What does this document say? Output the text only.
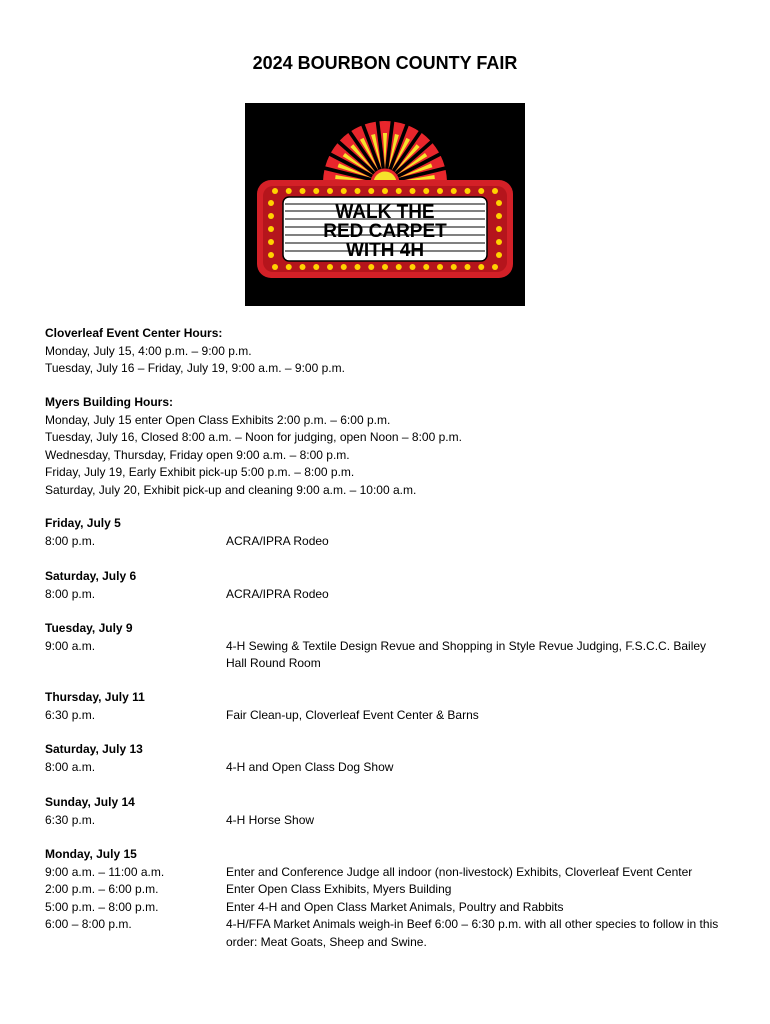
2024 BOURBON COUNTY FAIR
WALK THE
RED CARPET
WITH 4H
Cloverleaf Event Center Hours:
Monday, July 15, 4:00 p.m. – 9:00 p.m.
Tuesday, July 16 – Friday, July 19, 9:00 a.m. – 9:00 p.m.
Myers Building Hours:
Monday, July 15 enter Open Class Exhibits 2:00 p.m. – 6:00 p.m.
Tuesday, July 16, Closed 8:00 a.m. – Noon for judging, open Noon – 8:00 p.m.
Wednesday, Thursday, Friday open 9:00 a.m. – 8:00 p.m.
Friday, July 19, Early Exhibit pick-up 5:00 p.m. – 8:00 p.m.
Saturday, July 20, Exhibit pick-up and cleaning 9:00 a.m. – 10:00 a.m.
Friday, July 5
8:00 p.m.	ACRA/IPRA Rodeo
Saturday, July 6
8:00 p.m.	ACRA/IPRA Rodeo
Tuesday, July 9
9:00 a.m.	4-H Sewing & Textile Design Revue and Shopping in Style Revue Judging, F.S.C.C. Bailey Hall Round Room
Thursday, July 11
6:30 p.m.	Fair Clean-up, Cloverleaf Event Center & Barns
Saturday, July 13
8:00 a.m.	4-H and Open Class Dog Show
Sunday, July 14
6:30 p.m.	4-H Horse Show
Monday, July 15
9:00 a.m. – 11:00 a.m.	Enter and Conference Judge all indoor (non-livestock) Exhibits, Cloverleaf Event Center
2:00 p.m. – 6:00 p.m.	Enter Open Class Exhibits, Myers Building
5:00 p.m. – 8:00 p.m.	Enter 4-H and Open Class Market Animals, Poultry and Rabbits
6:00 – 8:00 p.m.	4-H/FFA Market Animals weigh-in Beef 6:00 – 6:30 p.m. with all other species to follow in this order: Meat Goats, Sheep and Swine.
